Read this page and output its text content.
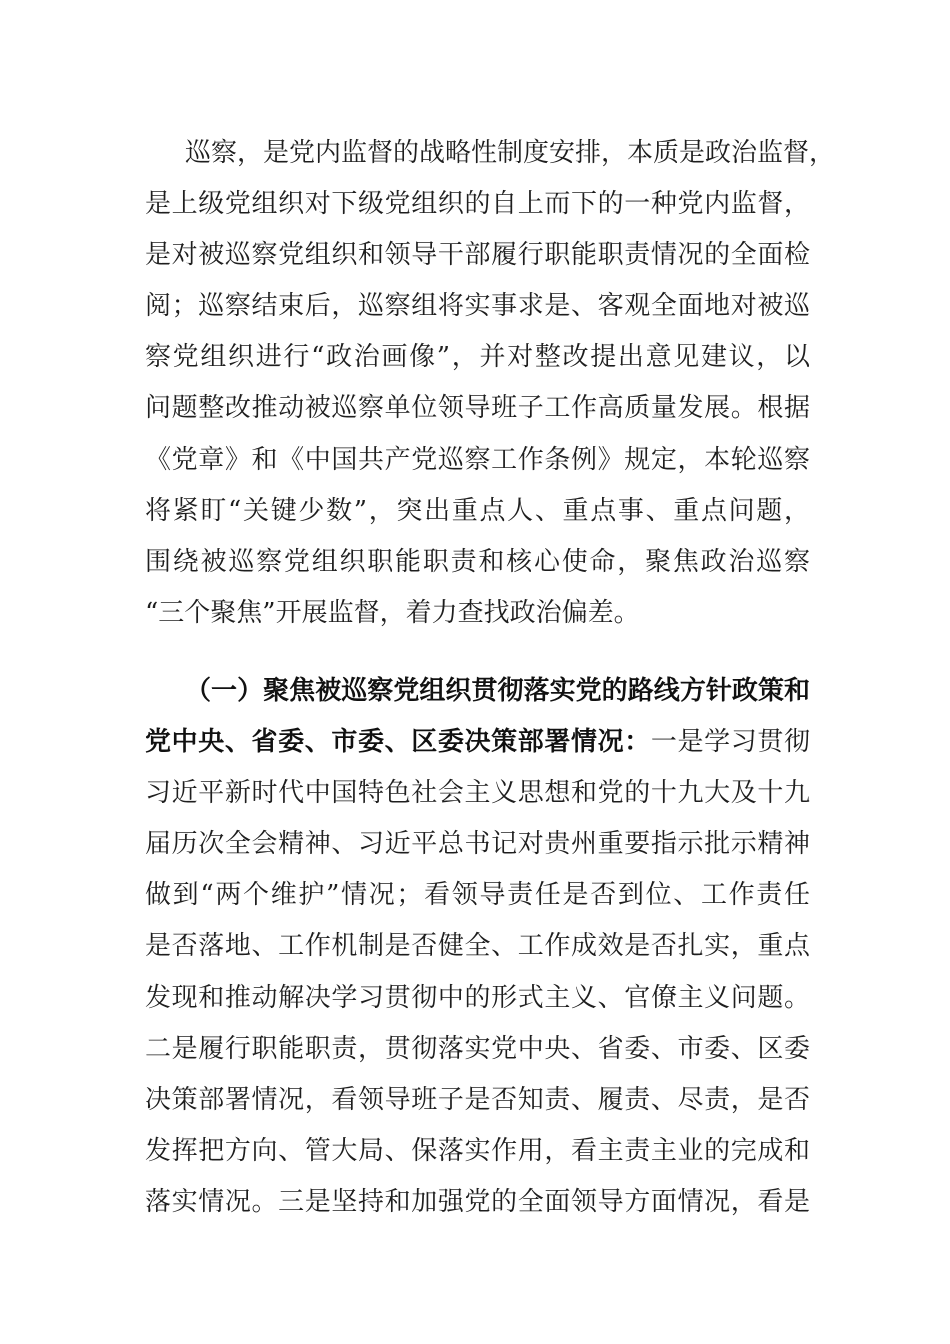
巡察，是党内监督的战略性制度安排，本质是政治监督，
是上级党组织对下级党组织的自上而下的一种党内监督，
是对被巡察党组织和领导干部履行职能职责情况的全面检
阅；巡察结束后，巡察组将实事求是、客观全面地对被巡
察党组织进行“政治画像”，并对整改提出意见建议，以
问题整改推动被巡察单位领导班子工作高质量发展。根据
《党章》和《中国共产党巡察工作条例》规定，本轮巡察
将紧盯“关键少数”，突出重点人、重点事、重点问题，
围绕被巡察党组织职能职责和核心使命，聚焦政治巡察
“三个聚焦”开展监督，着力查找政治偏差。
（一）聚焦被巡察党组织贯彻落实党的路线方针政策和
党中央、省委、市委、区委决策部署情况：一是学习贯彻
习近平新时代中国特色社会主义思想和党的十九大及十九
届历次全会精神、习近平总书记对贵州重要指示批示精神
做到“两个维护”情况；看领导责任是否到位、工作责任
是否落地、工作机制是否健全、工作成效是否扎实，重点
发现和推动解决学习贯彻中的形式主义、官僚主义问题。
二是履行职能职责，贯彻落实党中央、省委、市委、区委
决策部署情况，看领导班子是否知责、履责、尽责，是否
发挥把方向、管大局、保落实作用，看主责主业的完成和
落实情况。三是坚持和加强党的全面领导方面情况，看是
